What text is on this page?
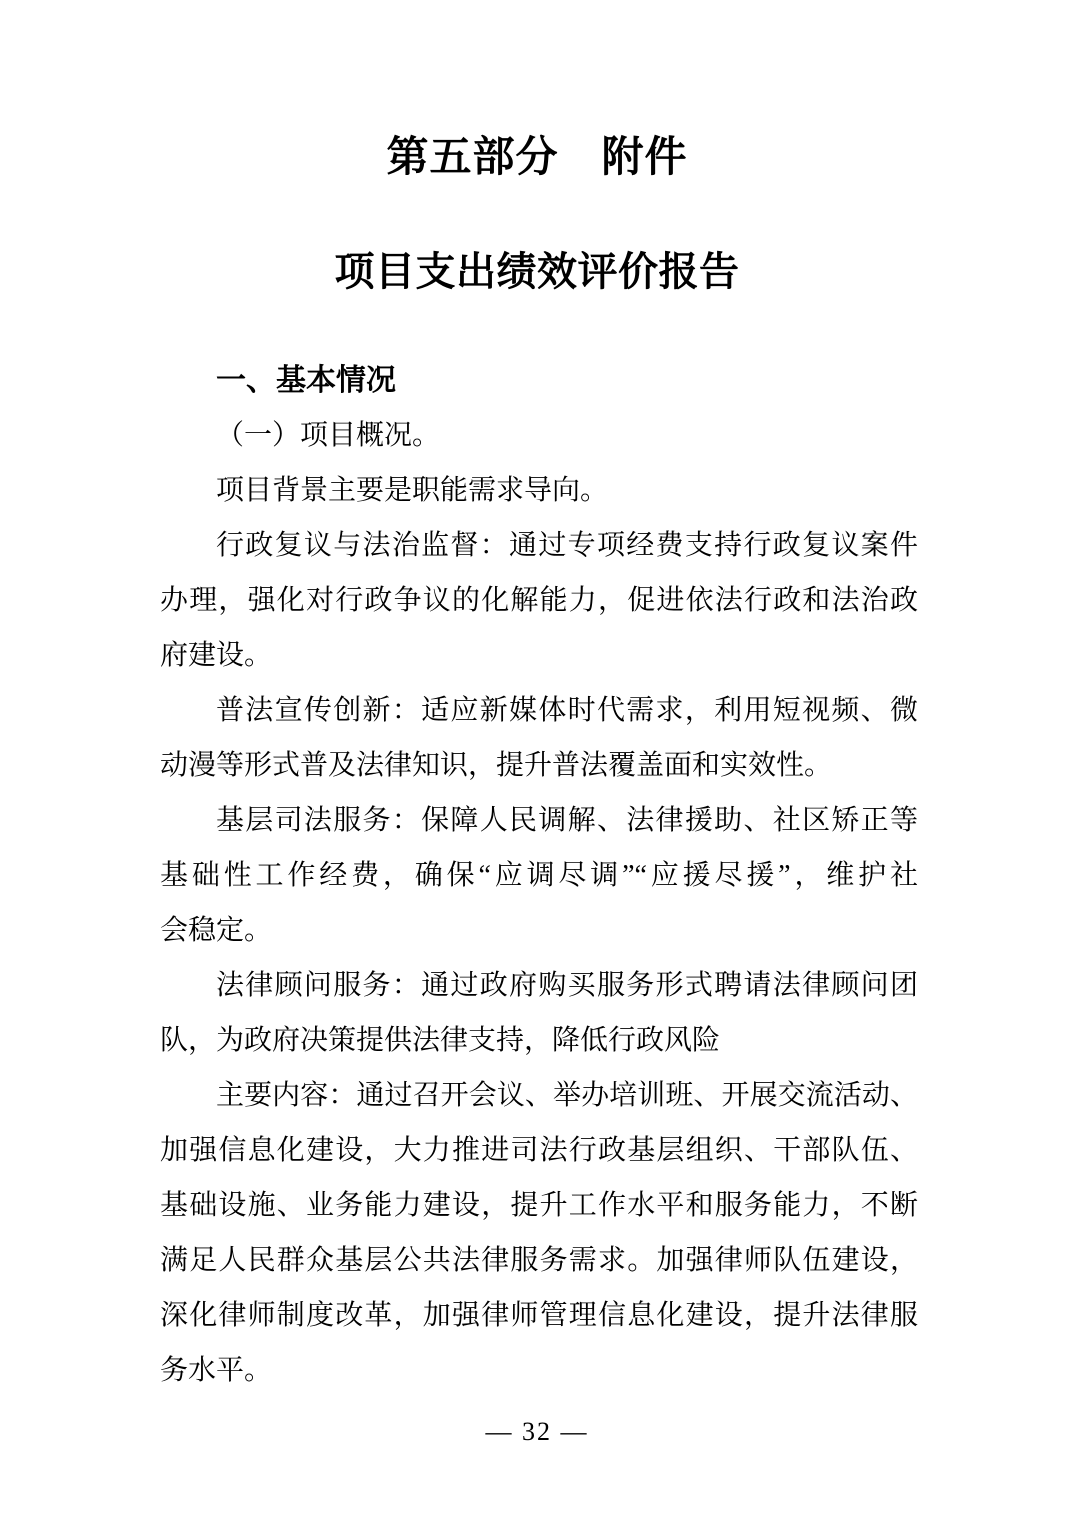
第五部分　附件
项目支出绩效评价报告
一、基本情况
（一）项目概况。
项目背景主要是职能需求导向。
行政复议与法治监督：通过专项经费支持行政复议案件
办理，强化对行政争议的化解能力，促进依法行政和法治政
府建设。
普法宣传创新：适应新媒体时代需求，利用短视频、微
动漫等形式普及法律知识，提升普法覆盖面和实效性。
基层司法服务：保障人民调解、法律援助、社区矫正等
基础性工作经费，确保“应调尽调”“应援尽援”，维护社
会稳定。
法律顾问服务：通过政府购买服务形式聘请法律顾问团
队，为政府决策提供法律支持，降低行政风险
主要内容：通过召开会议、举办培训班、开展交流活动、
加强信息化建设，大力推进司法行政基层组织、干部队伍、
基础设施、业务能力建设，提升工作水平和服务能力，不断
满足人民群众基层公共法律服务需求。加强律师队伍建设，
深化律师制度改革，加强律师管理信息化建设，提升法律服
务水平。
— 32 —
